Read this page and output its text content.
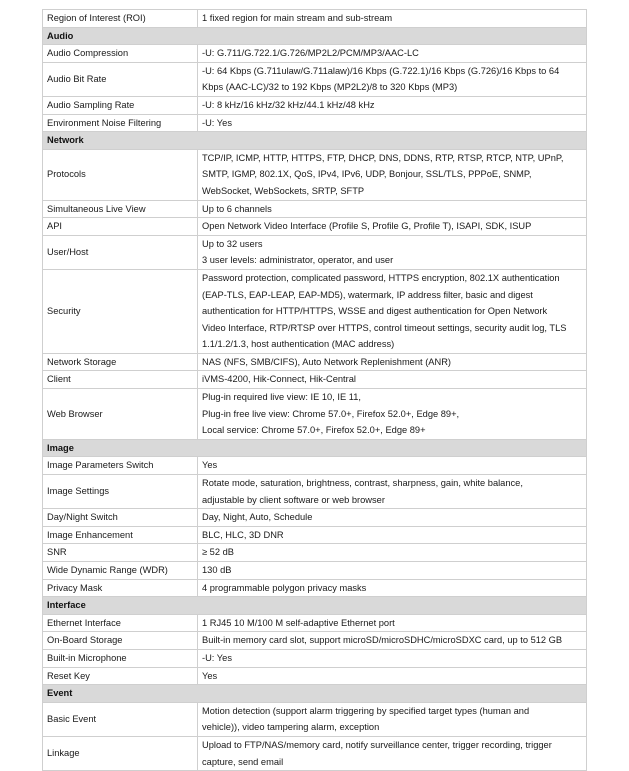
Region of Interest (ROI)	1 fixed region for main stream and sub-stream

Audio	
Audio Compression	-U: G.711/G.722.1/G.726/MP2L2/PCM/MP3/AAC-LC

Audio Bit Rate	-U: 64 Kbps (G.711ulaw/G.711alaw)/16 Kbps (G.722.1)/16 Kbps (G.726)/16 Kbps to 64
Kbps (AAC-LC)/32 to 192 Kbps (MP2L2)/8 to 320 Kbps (MP3)

Audio Sampling Rate	-U: 8 kHz/16 kHz/32 kHz/44.1 kHz/48 kHz

Environment Noise Filtering	-U: Yes

Network	
Protocols	TCP/IP, ICMP, HTTP, HTTPS, FTP, DHCP, DNS, DDNS, RTP, RTSP, RTCP, NTP, UPnP,
SMTP, IGMP, 802.1X, QoS, IPv4, IPv6, UDP, Bonjour, SSL/TLS, PPPoE, SNMP,
WebSocket, WebSockets, SRTP, SFTP

Simultaneous Live View	Up to 6 channels

API	Open Network Video Interface (Profile S, Profile G, Profile T), ISAPI, SDK, ISUP

User/Host	Up to 32 users
3 user levels: administrator, operator, and user

Security	Password protection, complicated password, HTTPS encryption, 802.1X authentication
(EAP-TLS, EAP-LEAP, EAP-MD5), watermark, IP address filter, basic and digest
authentication for HTTP/HTTPS, WSSE and digest authentication for Open Network
Video Interface, RTP/RTSP over HTTPS, control timeout settings, security audit log, TLS
1.1/1.2/1.3, host authentication (MAC address)

Network Storage	NAS (NFS, SMB/CIFS), Auto Network Replenishment (ANR)

Client	iVMS-4200, Hik-Connect, Hik-Central

Web Browser	Plug-in required live view: IE 10, IE 11,
Plug-in free live view: Chrome 57.0+, Firefox 52.0+, Edge 89+,
Local service: Chrome 57.0+, Firefox 52.0+, Edge 89+

Image	
Image Parameters Switch	Yes

Image Settings	Rotate mode, saturation, brightness, contrast, sharpness, gain, white balance,
adjustable by client software or web browser

Day/Night Switch	Day, Night, Auto, Schedule

Image Enhancement	BLC, HLC, 3D DNR

SNR	≥ 52 dB

Wide Dynamic Range (WDR)	130 dB

Privacy Mask	4 programmable polygon privacy masks

Interface	
Ethernet Interface	1 RJ45 10 M/100 M self-adaptive Ethernet port

On-Board Storage	Built-in memory card slot, support microSD/microSDHC/microSDXC card, up to 512 GB

Built-in Microphone	-U: Yes

Reset Key	Yes

Event	
Basic Event	Motion detection (support alarm triggering by specified target types (human and
vehicle)), video tampering alarm, exception

Linkage	Upload to FTP/NAS/memory card, notify surveillance center, trigger recording, trigger
capture, send email
